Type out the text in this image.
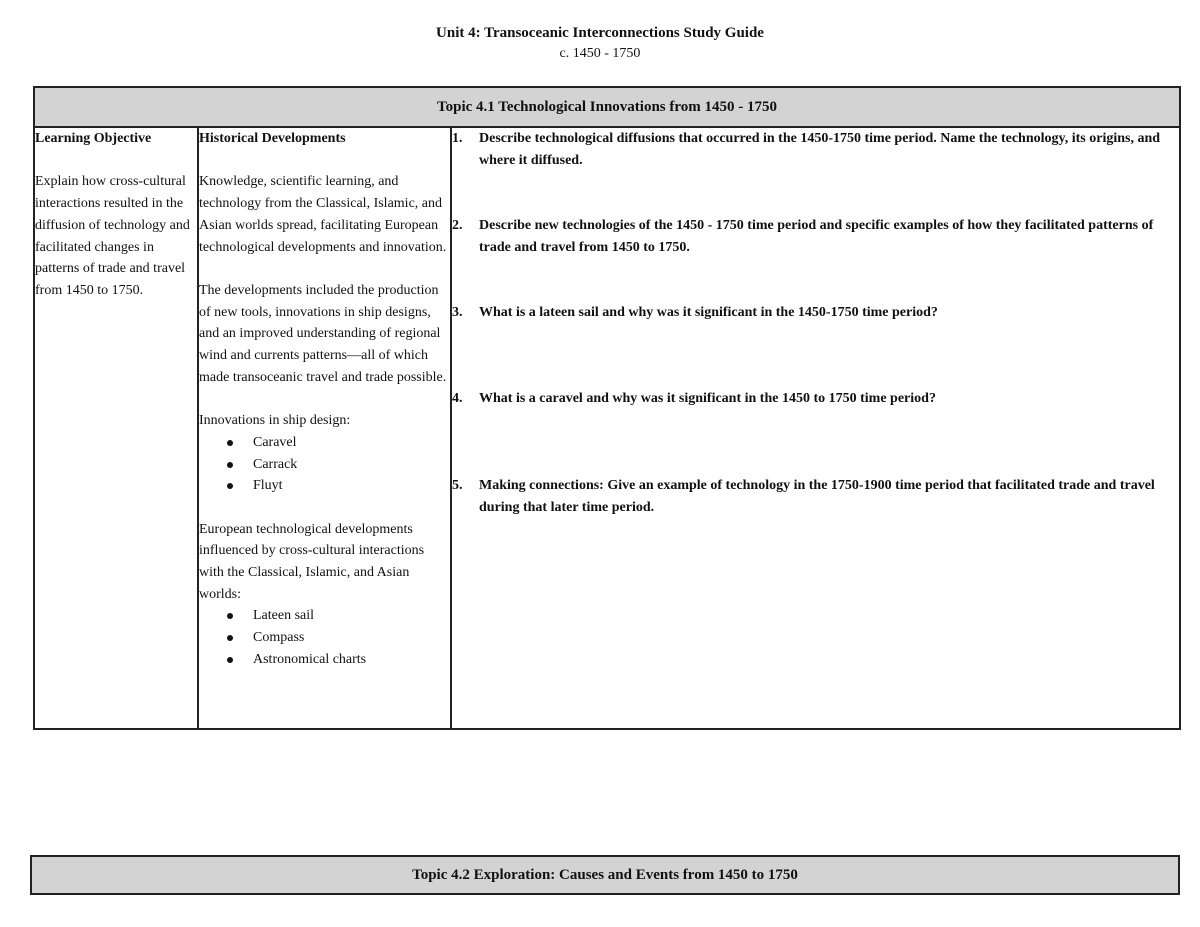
Unit 4: Transoceanic Interconnections Study Guide
c. 1450 - 1750
Topic 4.1 Technological Innovations from 1450 - 1750

Learning Objective
Explain how cross-cultural interactions resulted in the diffusion of technology and facilitated changes in patterns of trade and travel from 1450 to 1750.

Historical Developments

Knowledge, scientific learning, and technology from the Classical, Islamic, and Asian worlds spread, facilitating European technological developments and innovation.

The developments included the production of new tools, innovations in ship designs, and an improved understanding of regional wind and currents patterns—all of which made transoceanic travel and trade possible.

Innovations in ship design:

Caravel
Carrack
Fluyt

European technological developments influenced by cross-cultural interactions with the Classical, Islamic, and Asian worlds:

Lateen sail
Compass
Astronomical charts

1. Describe technological diffusions that occurred in the 1450-1750 time period. Name the technology, its origins, and where it diffused.
2. Describe new technologies of the 1450 - 1750 time period and specific examples of how they facilitated patterns of trade and travel from 1450 to 1750.
3. What is a lateen sail and why was it significant in the 1450-1750 time period?
4. What is a caravel and why was it significant in the 1450 to 1750 time period?
5. Making connections: Give an example of technology in the 1750-1900 time period that facilitated trade and travel during that later time period.
Topic 4.2 Exploration: Causes and Events from 1450 to 1750
